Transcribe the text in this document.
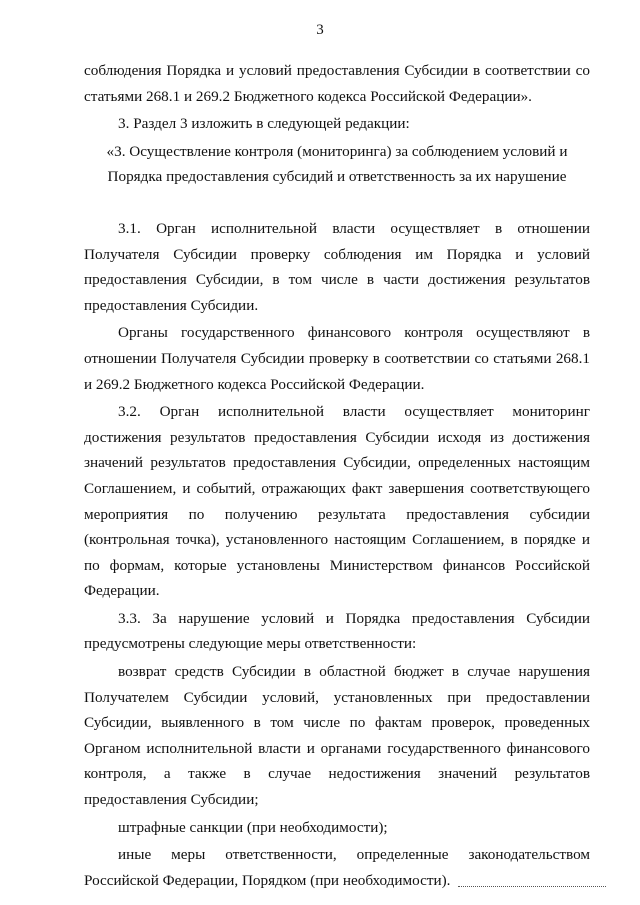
3

соблюдения Порядка и условий предоставления Субсидии в соответствии со статьями 268.1 и 269.2 Бюджетного кодекса Российской Федерации».

3. Раздел 3 изложить в следующей редакции:

«3. Осуществление контроля (мониторинга) за соблюдением условий и Порядка предоставления субсидий и ответственность за их нарушение

3.1. Орган исполнительной власти осуществляет в отношении Получателя Субсидии проверку соблюдения им Порядка и условий предоставления Субсидии, в том числе в части достижения результатов предоставления Субсидии.

Органы государственного финансового контроля осуществляют в отношении Получателя Субсидии проверку в соответствии со статьями 268.1 и 269.2 Бюджетного кодекса Российской Федерации.

3.2. Орган исполнительной власти осуществляет мониторинг достижения результатов предоставления Субсидии исходя из достижения значений результатов предоставления Субсидии, определенных настоящим Соглашением, и событий, отражающих факт завершения соответствующего мероприятия по получению результата предоставления субсидии (контрольная точка), установленного настоящим Соглашением, в порядке и по формам, которые установлены Министерством финансов Российской Федерации.

3.3. За нарушение условий и Порядка предоставления Субсидии предусмотрены следующие меры ответственности:

возврат средств Субсидии в областной бюджет в случае нарушения Получателем Субсидии условий, установленных при предоставлении Субсидии, выявленного в том числе по фактам проверок, проведенных Органом исполнительной власти и органами государственного финансового контроля, а также в случае недостижения значений результатов предоставления Субсидии;

штрафные санкции (при необходимости);

иные меры ответственности, определенные законодательством Российской Федерации, Порядком (при необходимости).
